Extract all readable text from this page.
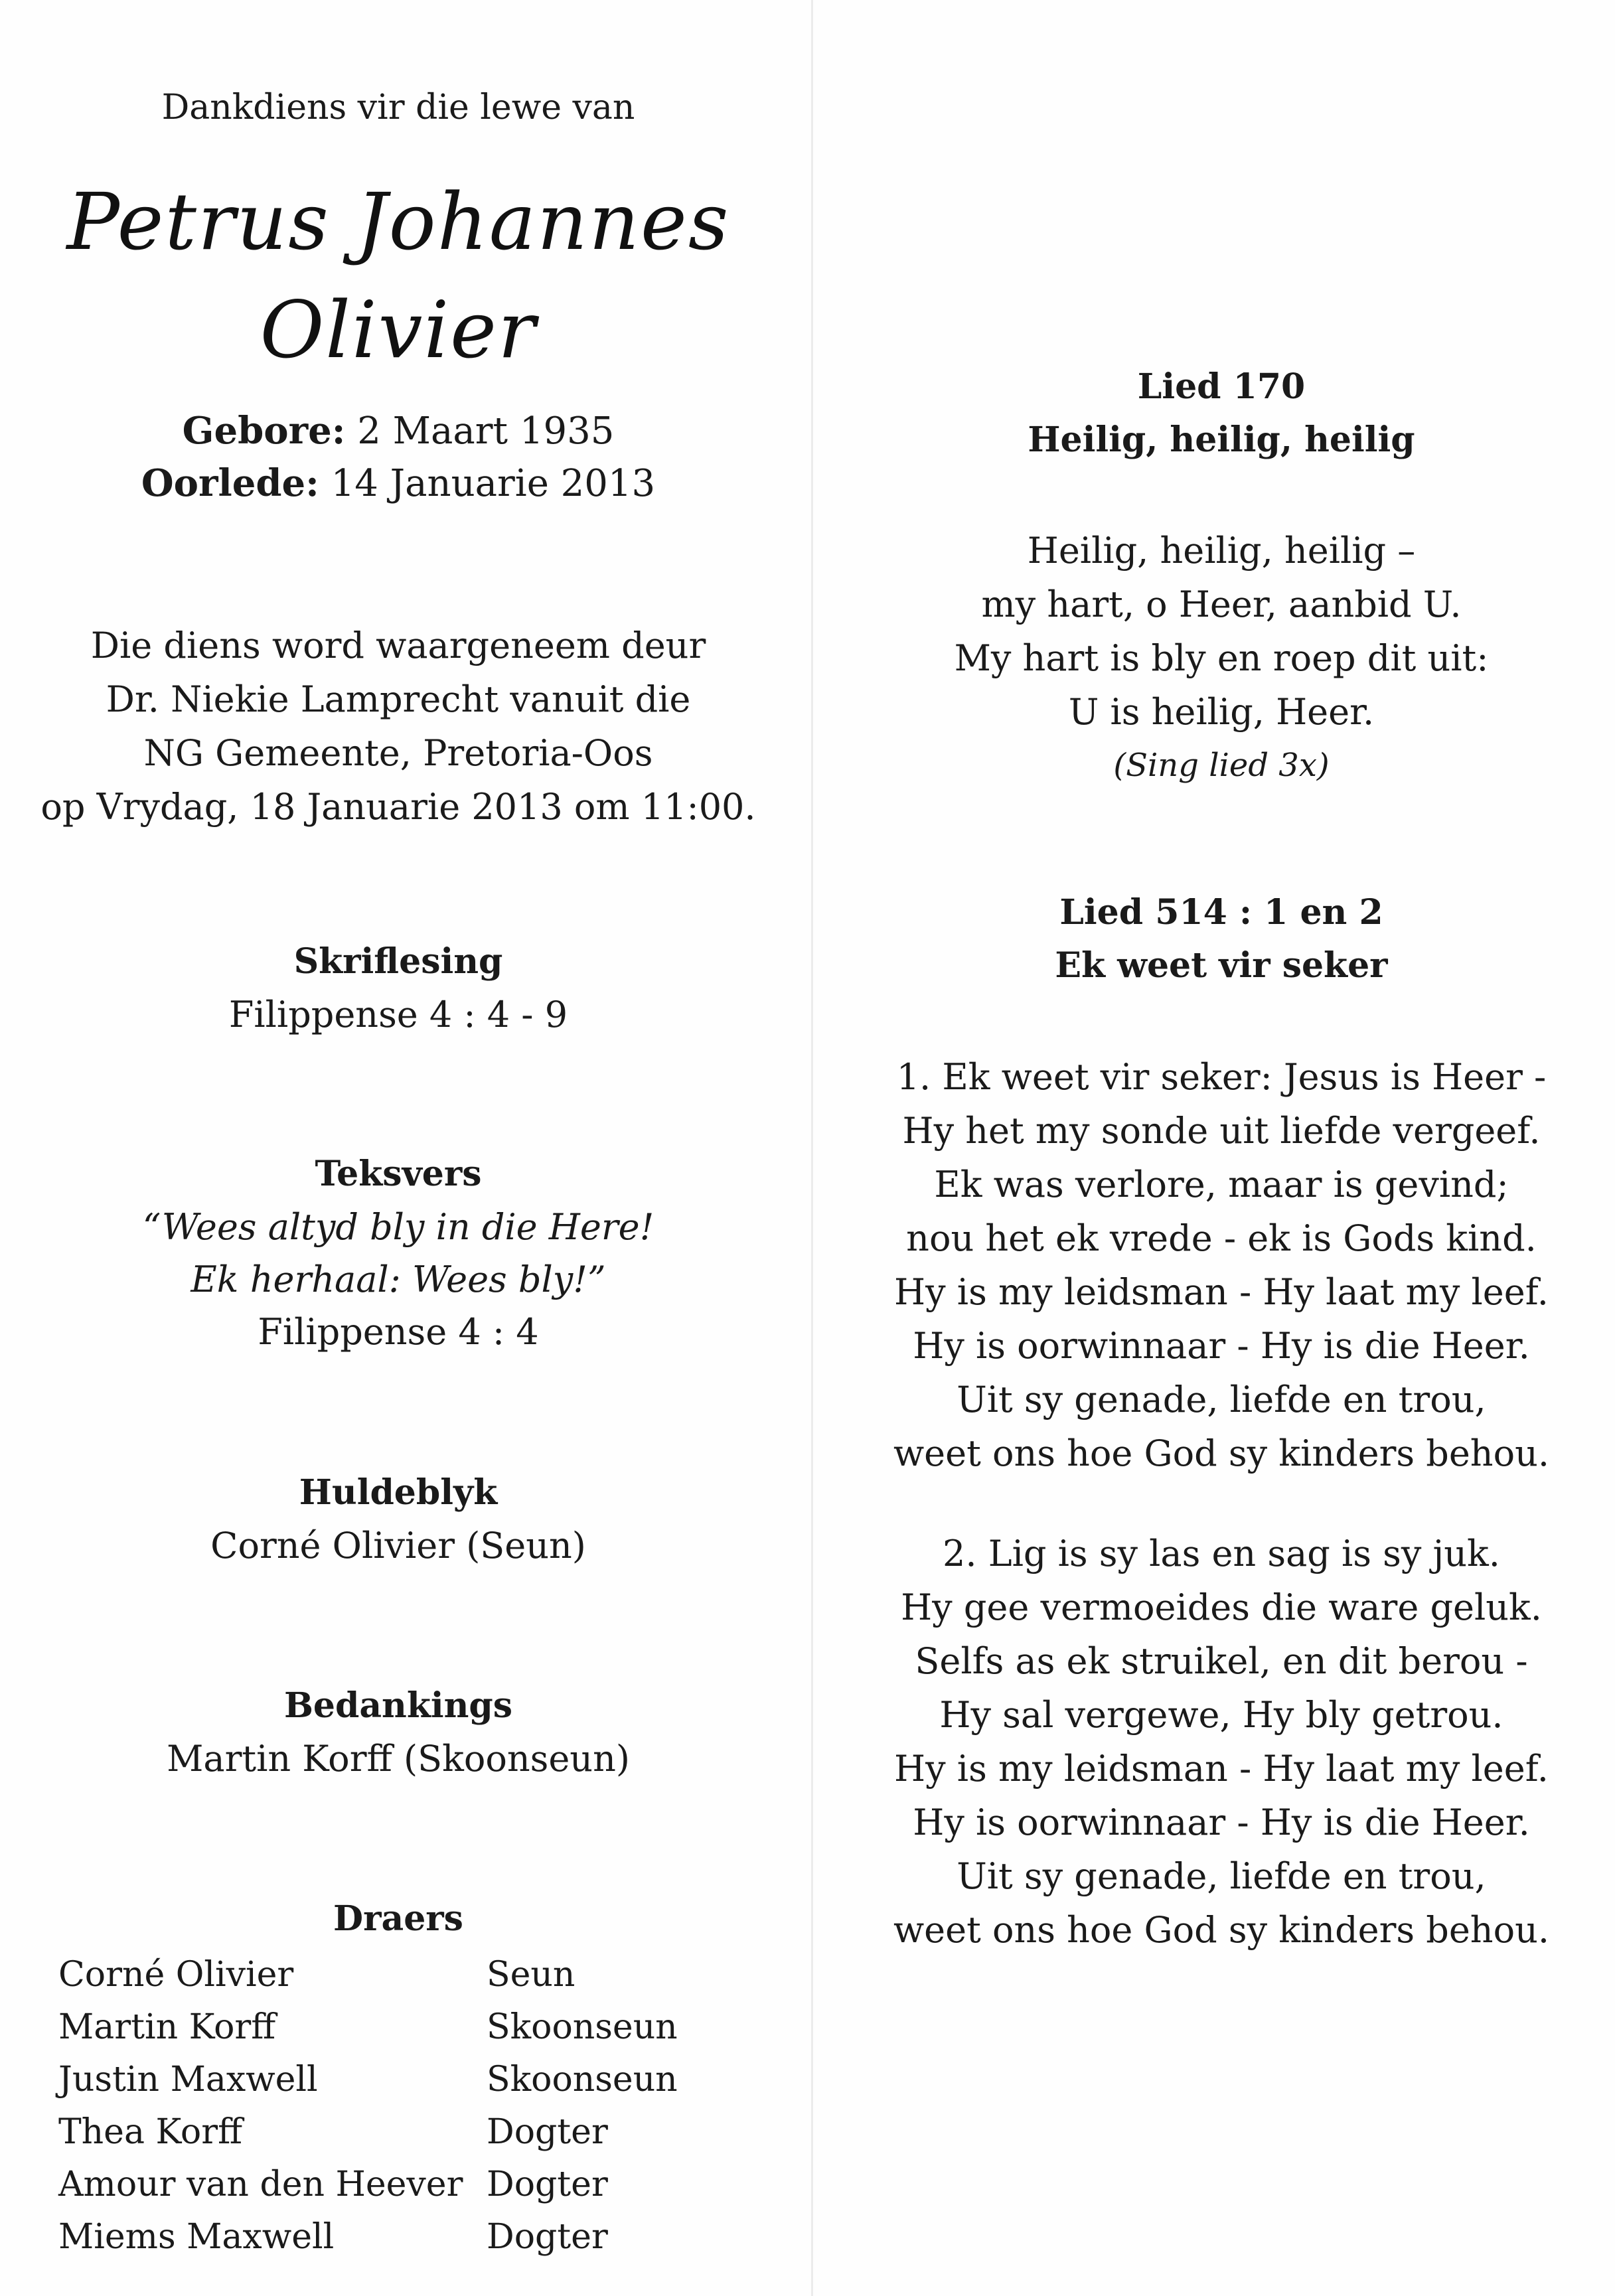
Dankdiens vir die lewe van
Petrus Johannes
Olivier
Gebore: 2 Maart 1935
Oorlede: 14 Januarie 2013
Die diens word waargeneem deur
Dr. Niekie Lamprecht vanuit die
NG Gemeente, Pretoria-Oos
op Vrydag, 18 Januarie 2013 om 11:00.
Skriflesing
Filippense 4 : 4 - 9
Teksvers
“Wees altyd bly in die Here!
Ek herhaal: Wees bly!”
Filippense 4 : 4
Huldeblyk
Corné Olivier (Seun)
Bedankings
Martin Korff (Skoonseun)
Draers
Corné Olivier	Seun
Martin Korff	Skoonseun
Justin Maxwell	Skoonseun
Thea Korff	Dogter
Amour van den Heever Dogter
Miems Maxwell	Dogter
Lied 170
Heilig, heilig, heilig
Heilig, heilig, heilig –
my hart, o Heer, aanbid U.
My hart is bly en roep dit uit:
U is heilig, Heer.
(Sing lied 3x)
Lied 514 : 1 en 2
Ek weet vir seker
1. Ek weet vir seker: Jesus is Heer -
Hy het my sonde uit liefde vergeef.
Ek was verlore, maar is gevind;
nou het ek vrede - ek is Gods kind.
Hy is my leidsman - Hy laat my leef.
Hy is oorwinnaar - Hy is die Heer.
Uit sy genade, liefde en trou,
weet ons hoe God sy kinders behou.
2. Lig is sy las en sag is sy juk.
Hy gee vermoeides die ware geluk.
Selfs as ek struikel, en dit berou -
Hy sal vergewe, Hy bly getrou.
Hy is my leidsman - Hy laat my leef.
Hy is oorwinnaar - Hy is die Heer.
Uit sy genade, liefde en trou,
weet ons hoe God sy kinders behou.
